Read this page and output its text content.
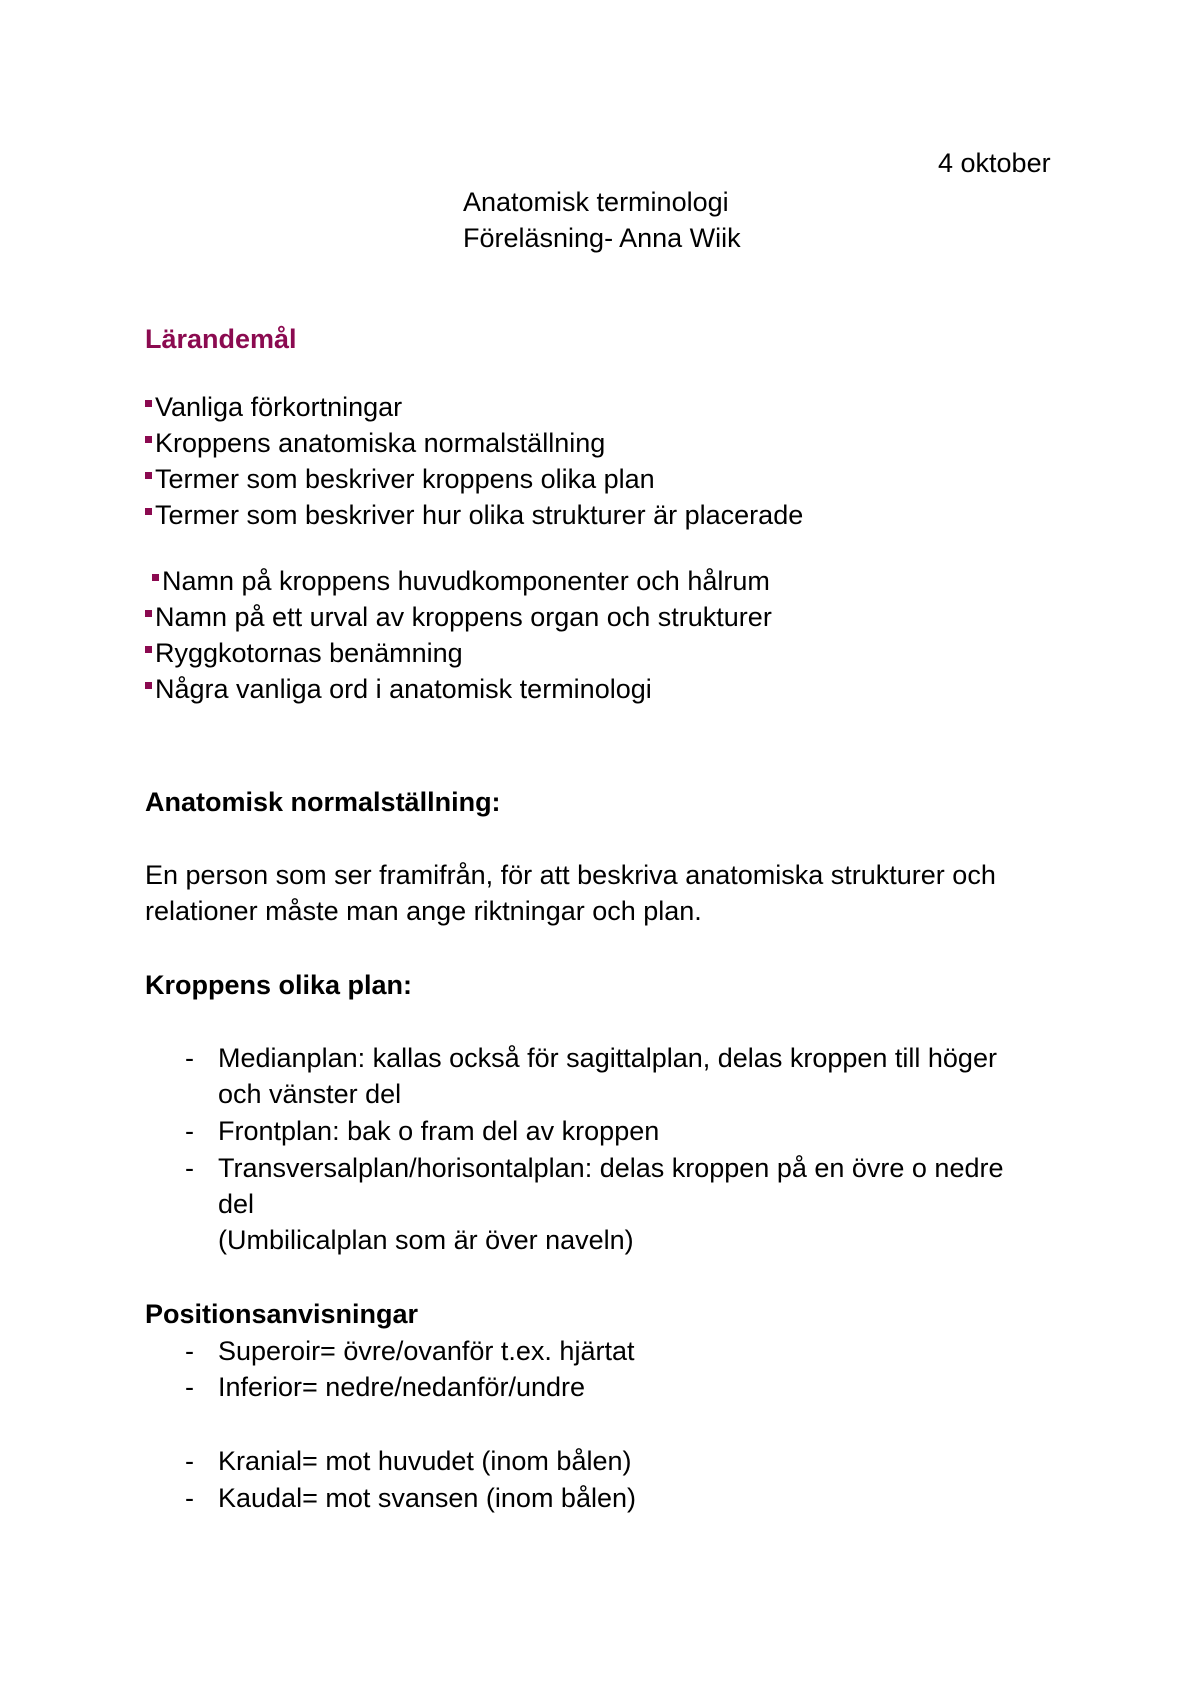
4 oktober
Anatomisk terminologi
Föreläsning- Anna Wiik
Lärandemål
Vanliga förkortningar
Kroppens anatomiska normalställning
Termer som beskriver kroppens olika plan
Termer som beskriver hur olika strukturer är placerade
Namn på kroppens huvudkomponenter och hålrum
Namn på ett urval av kroppens organ och strukturer
Ryggkotornas benämning
Några vanliga ord i anatomisk terminologi
Anatomisk normalställning:
En person som ser framifrån, för att beskriva anatomiska strukturer och
relationer måste man ange riktningar och plan.
Kroppens olika plan:
- Medianplan: kallas också för sagittalplan, delas kroppen till höger
och vänster del
- Frontplan: bak o fram del av kroppen
- Transversalplan/horisontalplan: delas kroppen på en övre o nedre
del
(Umbilicalplan som är över naveln)
Positionsanvisningar
- Superoir= övre/ovanför t.ex. hjärtat
- Inferior= nedre/nedanför/undre
- Kranial= mot huvudet (inom bålen)
- Kaudal= mot svansen (inom bålen)
